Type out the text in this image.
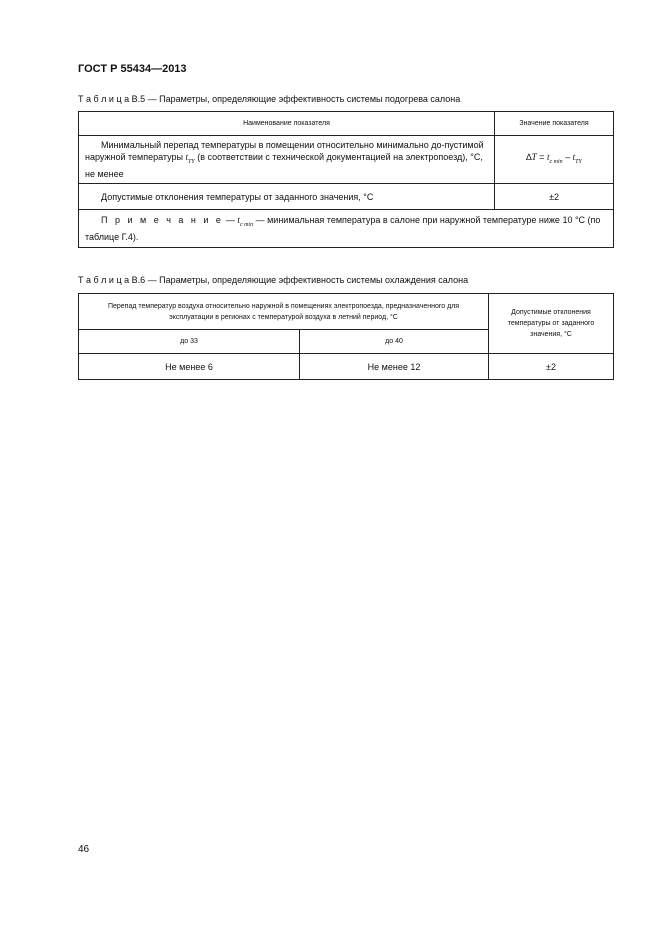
ГОСТ Р 55434—2013
Т а б л и ц а В.5 — Параметры, определяющие эффективность системы подогрева салона
Наименование показателя	Значение показателя

Минимальный перепад температуры в помещении относительно минимально до-пустимой наружной температуры $t_{TY}$ (в соответствии с технической документацией на электропоезд), °С, не менее	$\Delta T = t_{c min} - t_{TY}$

Допустимые отклонения температуры от заданного значения, °С	±2

П р и м е ч а н и е — $t_{c min}$ — минимальная температура в салоне при наружной температуре ниже 10 °С (по таблице Г.4).	
Т а б л и ц а В.6 — Параметры, определяющие эффективность системы охлаждения салона
Перепад температур воздуха относительно наружной в помещениях электропоезда, предназначенного для эксплуатации в регионах с температурой воздуха в летний период, °С		Допустимые отклонения температуры от заданного значения, °С
до 33	до 40	
Не менее 6	Не менее 12	±2
46
